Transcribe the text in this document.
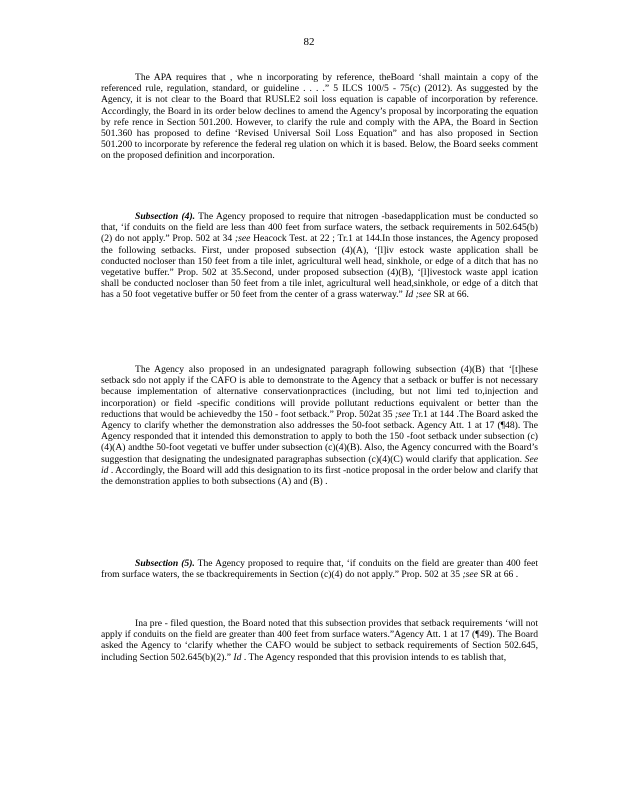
82

The APA requires that , whe n incorporating by reference, theBoard ‘shall maintain a copy of the referenced rule, regulation, standard, or guideline . . . .” 5 ILCS 100/5 - 75(c) (2012). As suggested by the Agency, it is not clear to the Board that RUSLE2 soil loss equation is capable of incorporation by reference. Accordingly, the Board in its order below declines to amend the Agency’s proposal by incorporating the equation by refe rence in Section 501.200. However, to clarify the rule and comply with the APA, the Board in Section 501.360 has proposed to define ‘Revised Universal Soil Loss Equation” and has also proposed in Section 501.200 to incorporate by reference the federal reg ulation on which it is based. Below, the Board seeks comment on the proposed definition and incorporation.

Subsection (4). The Agency proposed to require that nitrogen -basedapplication must be conducted so that, ‘if conduits on the field are less than 400 feet from surface waters, the setback requirements in 502.645(b)(2) do not apply.” Prop. 502 at 34 ;see Heacock Test. at 22 ; Tr.1 at 144.In those instances, the Agency proposed the following setbacks. First, under proposed subsection (4)(A), ‘[l]iv estock waste application shall be conducted nocloser than 150 feet from a tile inlet, agricultural well head, sinkhole, or edge of a ditch that has no vegetative buffer.” Prop. 502 at 35.Second, under proposed subsection (4)(B), ‘[l]ivestock waste appl ication shall be conducted nocloser than 50 feet from a tile inlet, agricultural well head,sinkhole, or edge of a ditch that has a 50 foot vegetative buffer or 50 feet from the center of a grass waterway.” Id ;see SR at 66.

The Agency also proposed in an undesignated paragraph following subsection (4)(B) that ‘[t]hese setback sdo not apply if the CAFO is able to demonstrate to the Agency that a setback or buffer is not necessary because implementation of alternative conservationpractices (including, but not limi ted to,injection and incorporation) or field -specific conditions will provide pollutant reductions equivalent or better than the reductions that would be achievedby the 150 - foot setback.” Prop. 502at 35 ;see Tr.1 at 144 .The Board asked the Agency to clarify whether the demonstration also addresses the 50-foot setback. Agency Att. 1 at 17 (¶48). The Agency responded that it intended this demonstration to apply to both the 150 -foot setback under subsection (c)(4)(A) andthe 50-foot vegetati ve buffer under subsection (c)(4)(B). Also, the Agency concurred with the Board’s suggestion that designating the undesignated paragraphas subsection (c)(4)(C) would clarify that application. See id . Accordingly, the Board will add this designation to its first -notice proposal in the order below and clarify that the demonstration applies to both subsections (A) and (B) .

Subsection (5). The Agency proposed to require that, ‘if conduits on the field are greater than 400 feet from surface waters, the se tbackrequirements in Section (c)(4) do not apply.” Prop. 502 at 35 ;see SR at 66 .

Ina pre - filed question, the Board noted that this subsection provides that setback requirements ‘will not apply if conduits on the field are greater than 400 feet from surface waters.”Agency Att. 1 at 17 (¶49). The Board asked the Agency to ‘clarify whether the CAFO would be subject to setback requirements of Section 502.645, including Section 502.645(b)(2).” Id . The Agency responded that this provision intends to es tablish that,
